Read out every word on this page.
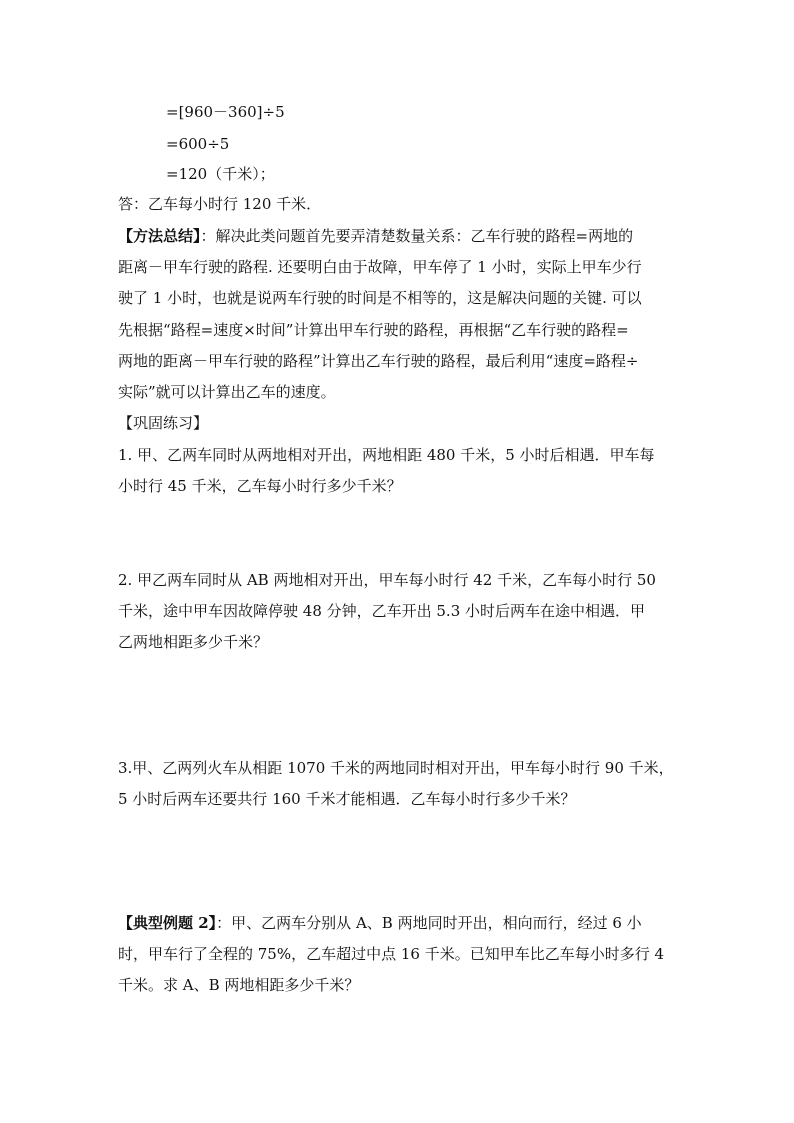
=[960－360]÷5
=600÷5
=120（千米）；
答：乙车每小时行 120 千米．
【方法总结】：解决此类问题首先要弄清楚数量关系：乙车行驶的路程=两地的
距离－甲车行驶的路程. 还要明白由于故障，甲车停了 1 小时，实际上甲车少行
驶了 1 小时，也就是说两车行驶的时间是不相等的，这是解决问题的关键. 可以
先根据“路程=速度×时间”计算出甲车行驶的路程，再根据“乙车行驶的路程=
两地的距离－甲车行驶的路程”计算出乙车行驶的路程，最后利用“速度=路程÷
实际”就可以计算出乙车的速度。
【巩固练习】
1. 甲、乙两车同时从两地相对开出，两地相距 480 千米，5 小时后相遇．甲车每
小时行 45 千米，乙车每小时行多少千米？
2. 甲乙两车同时从 AB 两地相对开出，甲车每小时行 42 千米，乙车每小时行 50
千米，途中甲车因故障停驶 48 分钟，乙车开出 5.3 小时后两车在途中相遇．甲
乙两地相距多少千米？
3.甲、乙两列火车从相距 1070 千米的两地同时相对开出，甲车每小时行 90 千米，
5 小时后两车还要共行 160 千米才能相遇．乙车每小时行多少千米？
【典型例题 2】：甲、乙两车分别从 A、B 两地同时开出，相向而行，经过 6 小
时，甲车行了全程的 75%，乙车超过中点 16 千米。已知甲车比乙车每小时多行 4
千米。求 A、B 两地相距多少千米？
